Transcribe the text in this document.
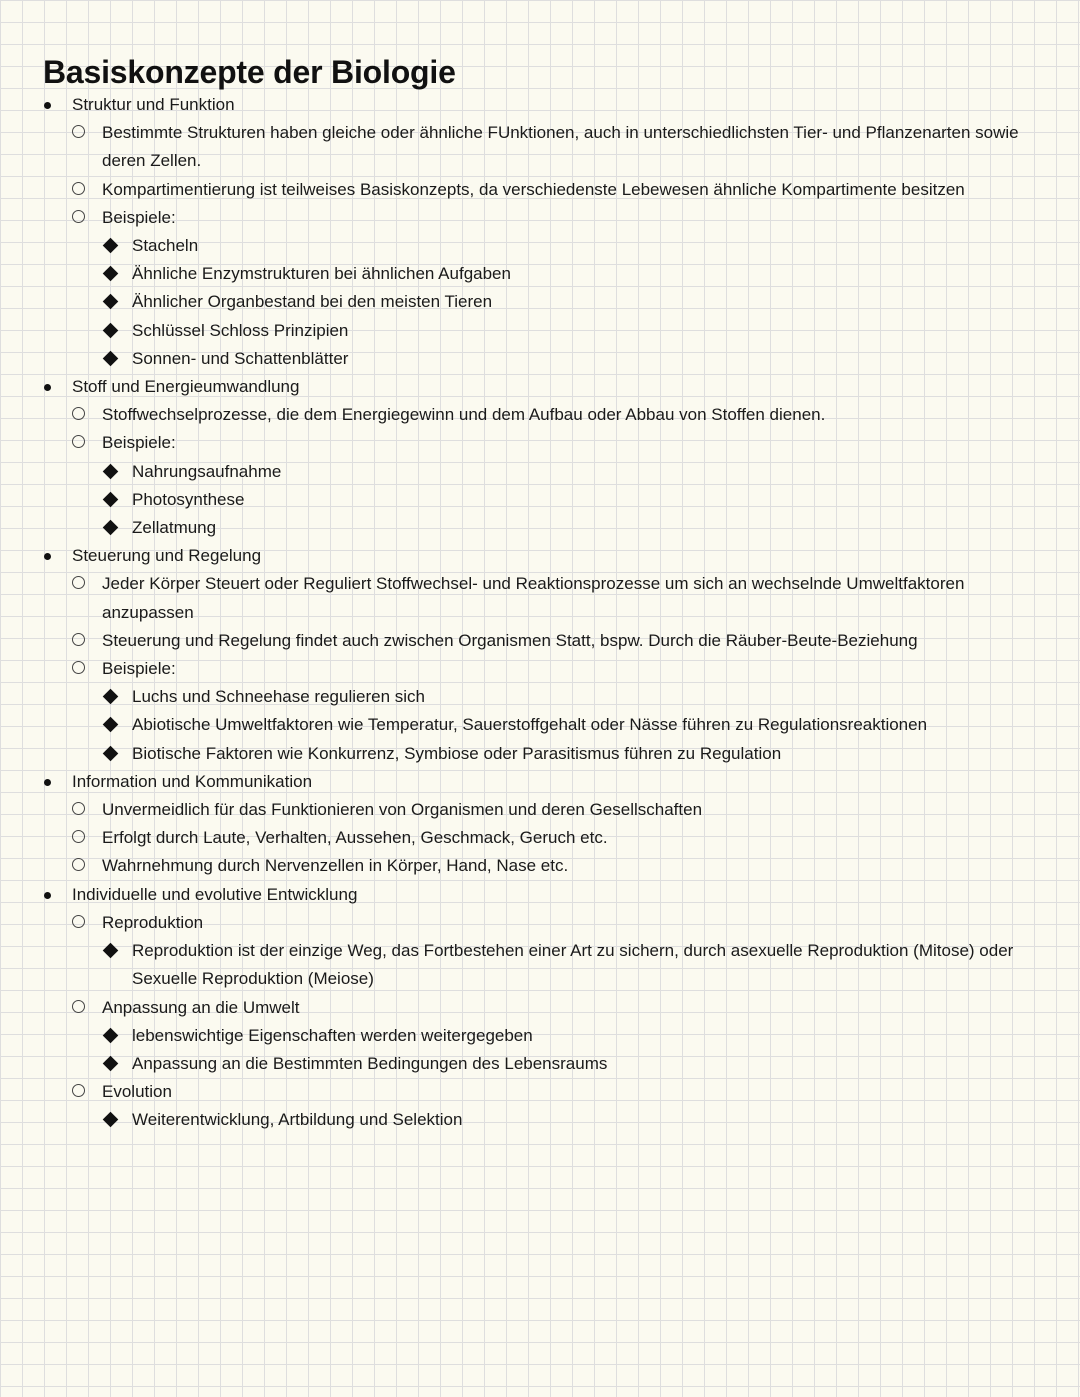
Basiskonzepte der Biologie
Struktur und Funktion
Bestimmte Strukturen haben gleiche oder ähnliche FUnktionen, auch in unterschiedlichsten Tier- und Pflanzenarten sowie deren Zellen.
Kompartimentierung ist teilweises Basiskonzepts, da verschiedenste Lebewesen ähnliche Kompartimente besitzen
Beispiele:
Stacheln
Ähnliche Enzymstrukturen bei ähnlichen Aufgaben
Ähnlicher Organbestand bei den meisten Tieren
Schlüssel Schloss Prinzipien
Sonnen- und Schattenblätter
Stoff und Energieumwandlung
Stoffwechselprozesse, die dem Energiegewinn und dem Aufbau oder Abbau von Stoffen dienen.
Beispiele:
Nahrungsaufnahme
Photosynthese
Zellatmung
Steuerung und Regelung
Jeder Körper Steuert oder Reguliert Stoffwechsel- und Reaktionsprozesse um sich an wechselnde Umweltfaktoren anzupassen
Steuerung und Regelung findet auch zwischen Organismen Statt, bspw. Durch die Räuber-Beute-Beziehung
Beispiele:
Luchs und Schneehase regulieren sich
Abiotische Umweltfaktoren wie Temperatur, Sauerstoffgehalt oder Nässe führen zu Regulationsreaktionen
Biotische Faktoren wie Konkurrenz, Symbiose oder Parasitismus führen zu Regulation
Information und Kommunikation
Unvermeidlich für das Funktionieren von Organismen und deren Gesellschaften
Erfolgt durch Laute, Verhalten, Aussehen, Geschmack, Geruch etc.
Wahrnehmung durch Nervenzellen in Körper, Hand, Nase etc.
Individuelle und evolutive Entwicklung
Reproduktion
Reproduktion ist der einzige Weg, das Fortbestehen einer Art zu sichern, durch asexuelle Reproduktion (Mitose) oder Sexuelle Reproduktion (Meiose)
Anpassung an die Umwelt
lebenswichtige Eigenschaften werden weitergegeben
Anpassung an die Bestimmten Bedingungen des Lebensraums
Evolution
Weiterentwicklung, Artbildung und Selektion
